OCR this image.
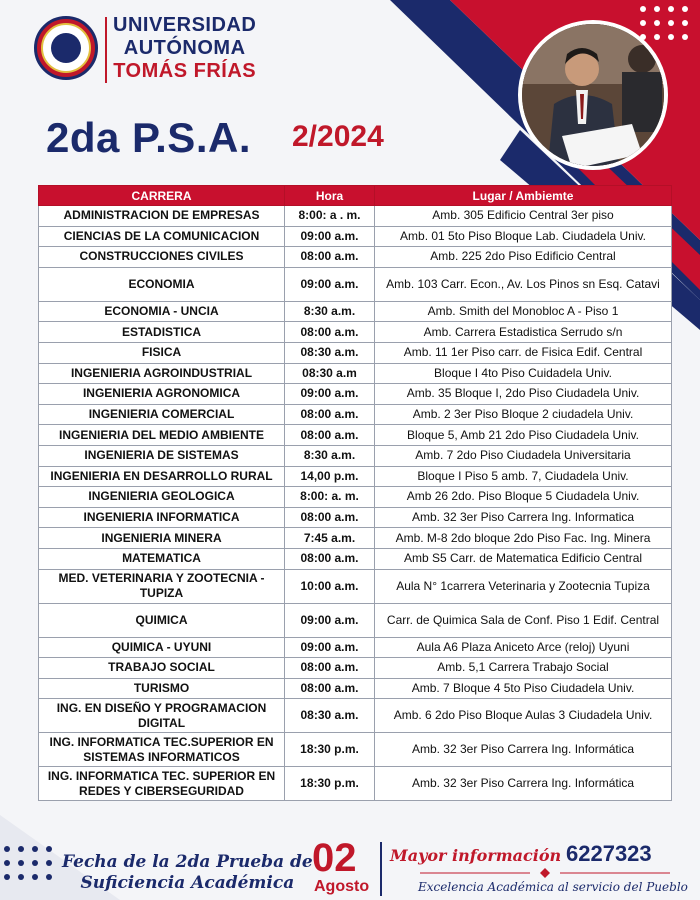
UNIVERSIDAD
AUTÓNOMA
TOMÁS FRÍAS
2da P.S.A. 2/2024
CARRERA	Hora	Lugar / Ambiemte
ADMINISTRACION DE EMPRESAS	8:00: a . m.	Amb. 305 Edificio Central 3er piso
CIENCIAS DE LA COMUNICACION	09:00 a.m.	Amb. 01 5to Piso Bloque Lab. Ciudadela Univ.
CONSTRUCCIONES CIVILES	08:00 a.m.	Amb. 225 2do Piso Edificio Central
ECONOMIA	09:00 a.m.	Amb. 103 Carr. Econ., Av. Los Pinos sn Esq. Catavi
ECONOMIA - UNCIA	8:30 a.m.	Amb. Smith del Monobloc A - Piso 1
ESTADISTICA	08:00 a.m.	Amb. Carrera Estadistica Serrudo s/n
FISICA	08:30 a.m.	Amb. 11 1er Piso carr. de Fisica Edif. Central
INGENIERIA AGROINDUSTRIAL	08:30 a.m	Bloque I 4to Piso Cuidadela Univ.
INGENIERIA AGRONOMICA	09:00 a.m.	Amb. 35 Bloque I, 2do Piso Ciudadela Univ.
INGENIERIA COMERCIAL	08:00 a.m.	Amb. 2 3er Piso Bloque 2 ciudadela Univ.
INGENIERIA DEL MEDIO AMBIENTE	08:00 a.m.	Bloque 5, Amb 21 2do Piso Ciudadela Univ.
INGENIERIA DE SISTEMAS	8:30 a.m.	Amb. 7 2do Piso Ciudadela Universitaria
INGENIERIA EN DESARROLLO RURAL	14,00 p.m.	Bloque I Piso 5 amb. 7, Ciudadela Univ.
INGENIERIA GEOLOGICA	8:00: a. m.	Amb 26 2do. Piso Bloque 5 Ciudadela Univ.
INGENIERIA INFORMATICA	08:00 a.m.	Amb. 32 3er Piso Carrera Ing. Informatica
INGENIERIA MINERA	7:45 a.m.	Amb. M-8 2do bloque 2do Piso Fac. Ing. Minera
MATEMATICA	08:00 a.m.	Amb S5 Carr. de Matematica Edificio Central
MED. VETERINARIA Y ZOOTECNIA - TUPIZA	10:00 a.m.	Aula N° 1carrera Veterinaria y Zootecnia Tupiza
QUIMICA	09:00 a.m.	Carr. de Quimica Sala de Conf. Piso 1 Edif. Central
QUIMICA - UYUNI	09:00 a.m.	Aula A6 Plaza Aniceto Arce (reloj) Uyuni
TRABAJO SOCIAL	08:00 a.m.	Amb. 5,1 Carrera Trabajo Social
TURISMO	08:00 a.m.	Amb. 7 Bloque 4 5to Piso Ciudadela Univ.
ING. EN DISEÑO Y PROGRAMACION DIGITAL	08:30 a.m.	Amb. 6 2do Piso Bloque Aulas 3 Ciudadela Univ.
ING. INFORMATICA TEC.SUPERIOR EN SISTEMAS INFORMATICOS	18:30 p.m.	Amb. 32 3er Piso Carrera Ing. Informática
ING. INFORMATICA TEC. SUPERIOR EN REDES Y CIBERSEGURIDAD	18:30 p.m.	Amb. 32 3er Piso Carrera Ing. Informática
Fecha de la 2da Prueba de
Suficiencia Académica
02
Agosto
Mayor información 6227323
Excelencia Académica al servicio del Pueblo
